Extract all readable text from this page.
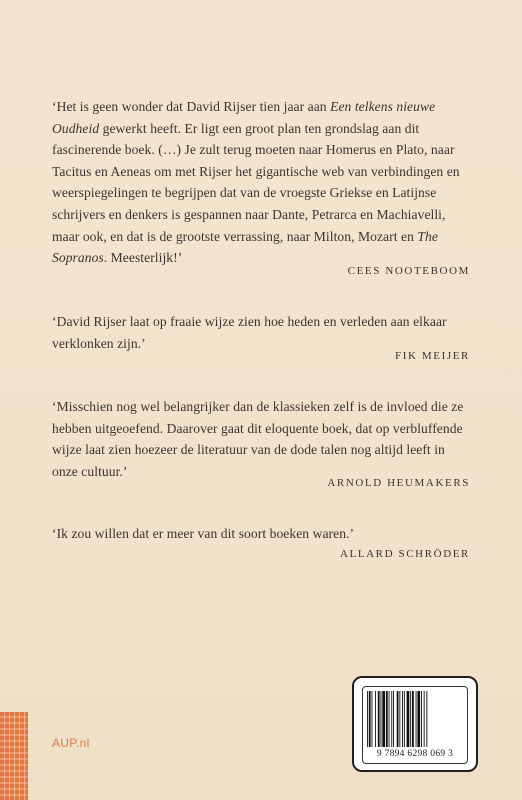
‘Het is geen wonder dat David Rijser tien jaar aan Een telkens nieuwe Oudheid gewerkt heeft. Er ligt een groot plan ten grondslag aan dit fascinerende boek. (…) Je zult terug moeten naar Homerus en Plato, naar Tacitus en Aeneas om met Rijser het gigantische web van verbindingen en weerspiegelingen te begrijpen dat van de vroegste Griekse en Latijnse schrijvers en denkers is gespannen naar Dante, Petrarca en Machiavelli, maar ook, en dat is de grootste verrassing, naar Milton, Mozart en The Sopranos. Meesterlijk!’

CEES NOOTEBOOM

‘David Rijser laat op fraaie wijze zien hoe heden en verleden aan elkaar verklonken zijn.’

FIK MEIJER

‘Misschien nog wel belangrijker dan de klassieken zelf is de invloed die ze hebben uitgeoefend. Daarover gaat dit eloquente boek, dat op verbluffende wijze laat zien hoezeer de literatuur van de dode talen nog altijd leeft in onze cultuur.’

ARNOLD HEUMAKERS

‘Ik zou willen dat er meer van dit soort boeken waren.’

ALLARD SCHRÖDER
AUP.nl
9 7894 6298 069 3
